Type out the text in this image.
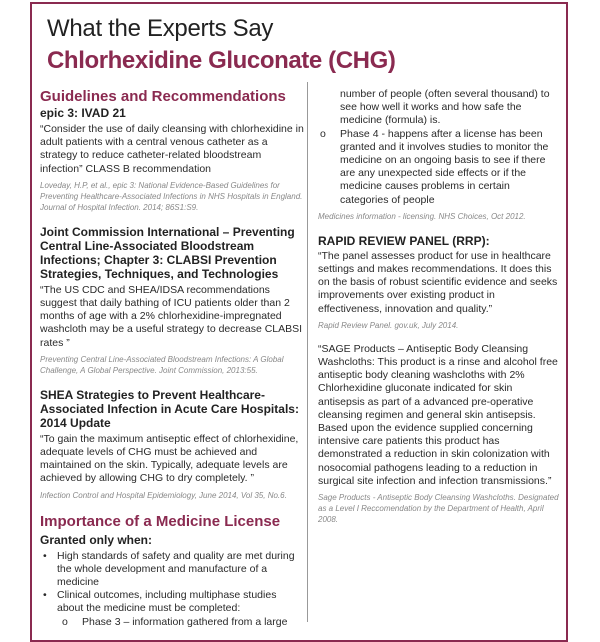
What the Experts Say
Chlorhexidine Gluconate (CHG)
Guidelines and Recommendations
epic 3: IVAD 21
“Consider the use of daily cleansing with chlorhexidine in adult patients with a central venous catheter as a strategy to reduce catheter-related bloodstream infection” CLASS B recommendation
Loveday, H.P, et al., epic 3: National Evidence-Based Guidelines for Preventing Healthcare-Associated Infections in NHS Hospitals in England. Journal of Hospital Infection. 2014; 86S1:S9.
Joint Commission International – Preventing Central Line-Associated Bloodstream Infections; Chapter 3: CLABSI Prevention Strategies, Techniques, and Technologies
“The US CDC and SHEA/IDSA recommendations suggest that daily bathing of ICU patients older than 2 months of age with a 2% chlorhexidine-impregnated washcloth may be a useful strategy to decrease CLABSI rates ”
Preventing Central Line-Associated Bloodstream Infections: A Global Challenge, A Global Perspective. Joint Commission, 2013:55.
SHEA Strategies to Prevent Healthcare-Associated Infection in Acute Care Hospitals: 2014 Update
“To gain the maximum antiseptic effect of chlorhexidine, adequate levels of CHG must be achieved and maintained on the skin. Typically, adequate levels are achieved by allowing CHG to dry completely. ”
Infection Control and Hospital Epidemiology, June 2014, Vol 35, No.6.
Importance of a Medicine License
Granted only when:
• High standards of safety and quality are met during the whole development and manufacture of a medicine
• Clinical outcomes, including multiphase studies about the medicine must be completed:
o Phase 3 – information gathered from a large
number of people (often several thousand) to see how well it works and how safe the medicine (formula) is.
o Phase 4 - happens after a license has been granted and it involves studies to monitor the medicine on an ongoing basis to see if there are any unexpected side effects or if the medicine causes problems in certain categories of people
Medicines information - licensing. NHS Choices, Oct 2012.
RAPID REVIEW PANEL (RRP):
“The panel assesses product for use in healthcare settings and makes recommendations. It does this on the basis of robust scientific evidence and seeks improvements over existing product in effectiveness, innovation and quality.”
Rapid Review Panel. gov.uk, July 2014.
“SAGE Products – Antiseptic Body Cleansing Washcloths: This product is a rinse and alcohol free antiseptic body cleaning washcloths with 2% Chlorhexidine gluconate indicated for skin antisepsis as part of a advanced pre-operative cleansing regimen and general skin antisepsis. Based upon the evidence supplied concerning intensive care patients this product has demonstrated a reduction in skin colonization with nosocomial pathogens leading to a reduction in surgical site infection and infection transmissions.”
Sage Products - Antiseptic Body Cleansing Washcloths. Designated as a Level I Reccomendation by the Department of Health, April 2008.
